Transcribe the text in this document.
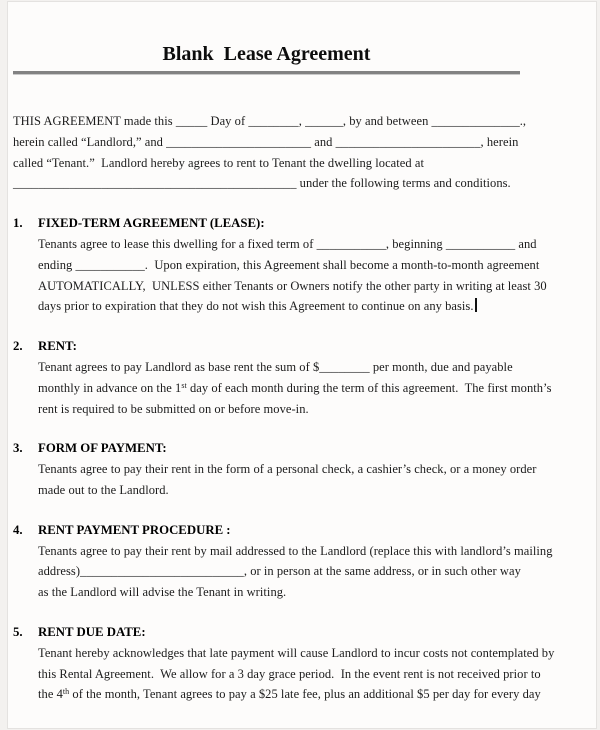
Blank  Lease Agreement
THIS AGREEMENT made this _____ Day of ________, ______, by and between ______________.,
herein called “Landlord,” and _______________________ and _______________________, herein
called “Tenant.”  Landlord hereby agrees to rent to Tenant the dwelling located at
_____________________________________________ under the following terms and conditions.
1.	FIXED-TERM AGREEMENT (LEASE):
Tenants agree to lease this dwelling for a fixed term of ___________, beginning ___________ and
ending ___________.  Upon expiration, this Agreement shall become a month-to-month agreement
AUTOMATICALLY,  UNLESS either Tenants or Owners notify the other party in writing at least 30
days prior to expiration that they do not wish this Agreement to continue on any basis.
2.	RENT:
Tenant agrees to pay Landlord as base rent the sum of $________ per month, due and payable
monthly in advance on the 1st day of each month during the term of this agreement.  The first month’s
rent is required to be submitted on or before move-in.
3.	FORM OF PAYMENT:
Tenants agree to pay their rent in the form of a personal check, a cashier’s check, or a money order
made out to the Landlord.
4.	RENT PAYMENT PROCEDURE :
Tenants agree to pay their rent by mail addressed to the Landlord (replace this with landlord’s mailing
address)__________________________, or in person at the same address, or in such other way
as the Landlord will advise the Tenant in writing.
5.	RENT DUE DATE:
Tenant hereby acknowledges that late payment will cause Landlord to incur costs not contemplated by
this Rental Agreement.  We allow for a 3 day grace period.  In the event rent is not received prior to
the 4th of the month, Tenant agrees to pay a $25 late fee, plus an additional $5 per day for every day
